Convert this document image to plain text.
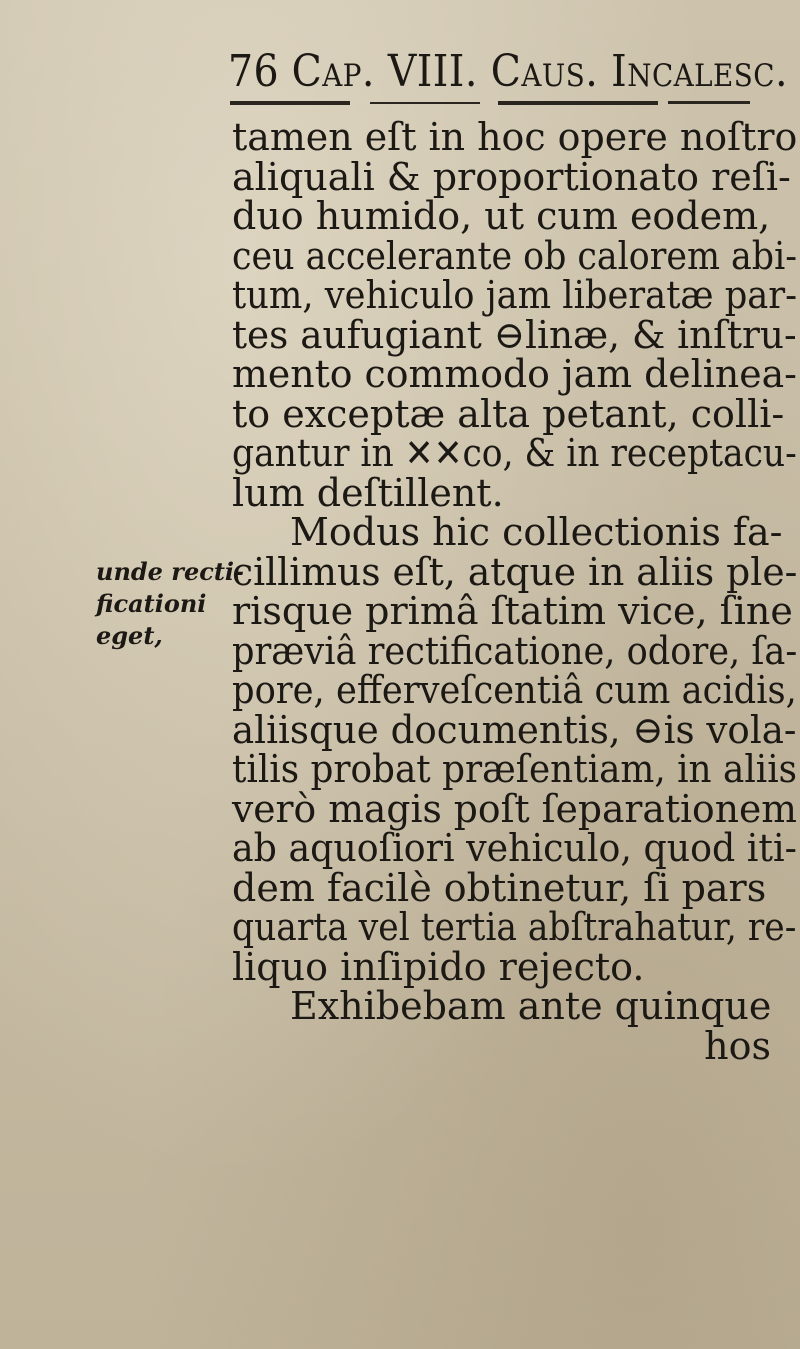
76 Cap. VIII. Caus. Incalesc.
unde recti-
ficationi
eget,
tamen eſt in hoc opere noſtro
aliquali & proportionato reſi-
duo humido, ut cum eodem,
ceu accelerante ob calorem abi-
tum, vehiculo jam liberatæ par-
tes aufugiant ⊖linæ, & inſtru-
mento commodo jam delinea-
to exceptæ alta petant, colli-
gantur in ✕✕co, & in receptacu-
lum deſtillent.
Modus hic collectionis fa-
cillimus eſt, atque in aliis ple-
risque primâ ſtatim vice, ſine
præviâ rectificatione, odore, ſa-
pore, efferveſcentiâ cum acidis,
aliisque documentis, ⊖is vola-
tilis probat præſentiam, in aliis
verò magis poſt ſeparationem
ab aquoſiori vehiculo, quod iti-
dem facilè obtinetur, ſi pars
quarta vel tertia abſtrahatur, re-
liquo inſipido rejecto.
Exhibebam ante quinque
hos
